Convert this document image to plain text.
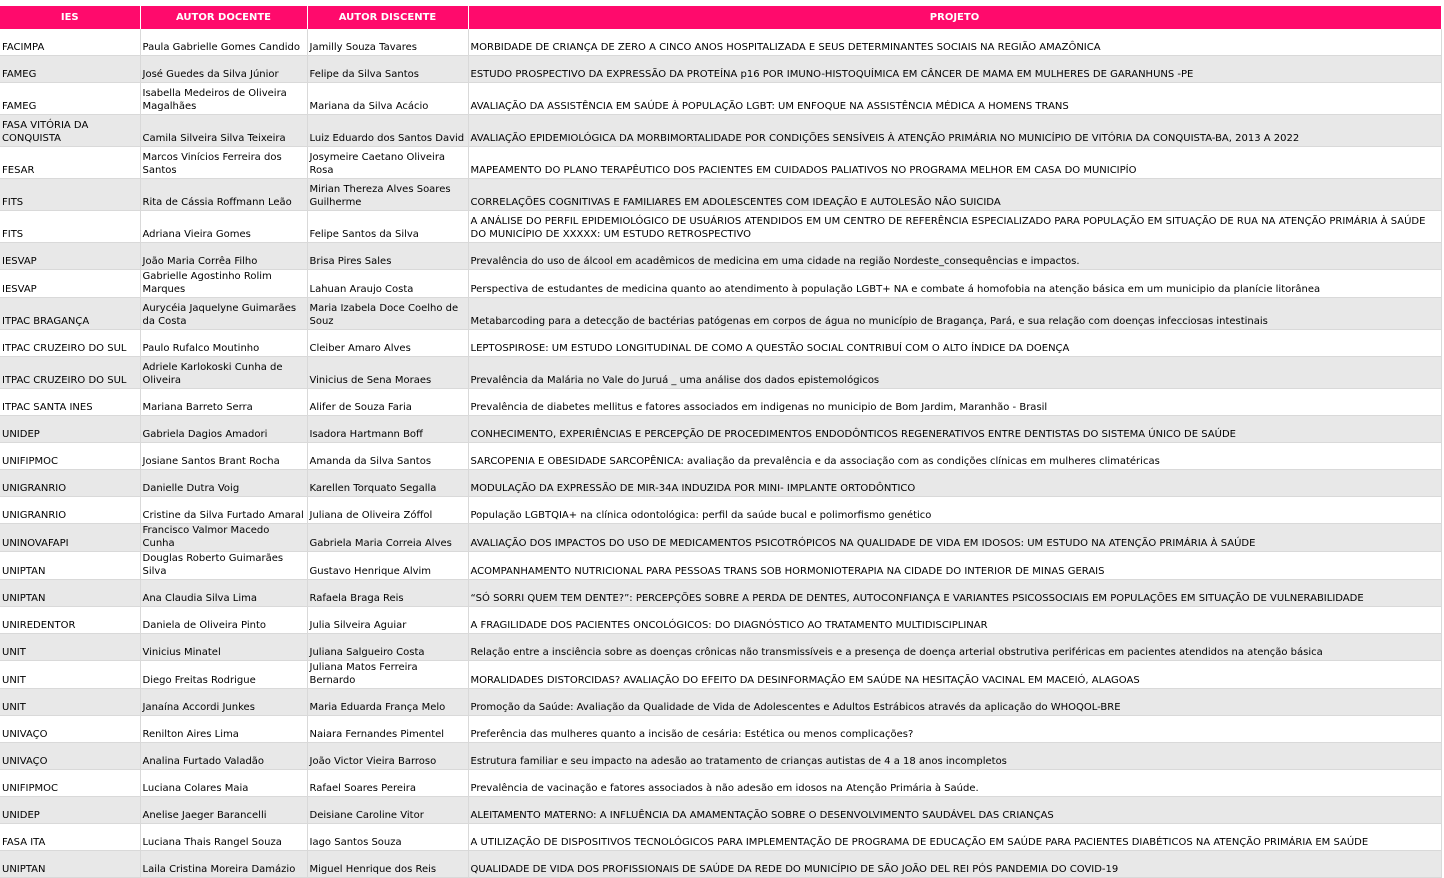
IES	AUTOR DOCENTE	AUTOR DISCENTE	PROJETO
FACIMPA	Paula Gabrielle Gomes Candido	Jamilly Souza Tavares	MORBIDADE DE CRIANÇA DE ZERO A CINCO ANOS HOSPITALIZADA E SEUS DETERMINANTES SOCIAIS NA REGIÃO AMAZÔNICA
FAMEG	José Guedes da Silva Júnior	Felipe da Silva Santos	ESTUDO PROSPECTIVO DA EXPRESSÃO DA PROTEÍNA p16 POR IMUNO-HISTOQUÍMICA EM CÂNCER DE MAMA EM MULHERES DE GARANHUNS -PE
FAMEG	Isabella Medeiros de Oliveira Magalhães	Mariana da Silva Acácio	AVALIAÇÃO DA ASSISTÊNCIA EM SAÚDE À POPULAÇÃO LGBT: UM ENFOQUE NA ASSISTÊNCIA MÉDICA A HOMENS TRANS
FASA VITÓRIA DA CONQUISTA	Camila Silveira Silva Teixeira	Luiz Eduardo dos Santos David	AVALIAÇÃO EPIDEMIOLÓGICA DA MORBIMORTALIDADE POR CONDIÇÕES SENSÍVEIS À ATENÇÃO PRIMÁRIA NO MUNICÍPIO DE VITÓRIA DA CONQUISTA-BA, 2013 A 2022
FESAR	Marcos Vinícios Ferreira dos Santos	Josymeire Caetano Oliveira Rosa	MAPEAMENTO DO PLANO TERAPÊUTICO DOS PACIENTES EM CUIDADOS PALIATIVOS NO PROGRAMA MELHOR EM CASA DO MUNICIPÍO
FITS	Rita de Cássia Roffmann Leão	Mirian Thereza Alves Soares Guilherme	CORRELAÇÕES COGNITIVAS E FAMILIARES EM ADOLESCENTES COM IDEAÇÃO E AUTOLESÃO NÃO SUICIDA
FITS	Adriana Vieira Gomes	Felipe Santos da Silva	A ANÁLISE DO PERFIL EPIDEMIOLÓGICO DE USUÁRIOS ATENDIDOS EM UM CENTRO DE REFERÊNCIA ESPECIALIZADO PARA POPULAÇÃO EM SITUAÇÃO DE RUA NA ATENÇÃO PRIMÁRIA À SAÚDE DO MUNICÍPIO DE XXXXX: UM ESTUDO RETROSPECTIVO
IESVAP	João Maria Corrêa Filho	Brisa Pires Sales	Prevalência do uso de álcool em acadêmicos de medicina em uma cidade na região Nordeste_consequências e impactos.
IESVAP	Gabrielle Agostinho Rolim Marques	Lahuan Araujo Costa	Perspectiva de estudantes de medicina quanto ao atendimento à população LGBT+ NA e combate á homofobia na atenção básica em um municipio da planície litorânea
ITPAC BRAGANÇA	Aurycéia Jaquelyne Guimarães da Costa	Maria Izabela Doce Coelho de Souz	Metabarcoding para a detecção de bactérias patógenas em corpos de água no município de Bragança, Pará, e sua relação com doenças infecciosas intestinais
ITPAC CRUZEIRO DO SUL	Paulo Rufalco Moutinho	Cleiber Amaro Alves	LEPTOSPIROSE: UM ESTUDO LONGITUDINAL DE COMO A QUESTÃO SOCIAL CONTRIBUÍ COM O ALTO ÍNDICE DA DOENÇA
ITPAC CRUZEIRO DO SUL	Adriele Karlokoski Cunha de Oliveira	Vinicius de Sena Moraes	Prevalência da Malária no Vale do Juruá _ uma análise dos dados epistemológicos
ITPAC SANTA INES	Mariana Barreto Serra	Alifer de Souza Faria	Prevalência de diabetes mellitus e fatores associados em indigenas no municipio de Bom Jardim, Maranhão - Brasil
UNIDEP	Gabriela Dagios Amadori	Isadora Hartmann Boff	CONHECIMENTO, EXPERIÊNCIAS E PERCEPÇÃO DE PROCEDIMENTOS ENDODÔNTICOS REGENERATIVOS ENTRE DENTISTAS DO SISTEMA ÚNICO DE SAÚDE
UNIFIPMOC	Josiane Santos Brant Rocha	Amanda da Silva Santos	SARCOPENIA E OBESIDADE SARCOPÊNICA: avaliação da prevalência e da associação com as condições clínicas em mulheres climatéricas
UNIGRANRIO	Danielle Dutra Voig	Karellen Torquato Segalla	MODULAÇÃO DA EXPRESSÃO DE MIR-34A INDUZIDA POR MINI- IMPLANTE ORTODÔNTICO
UNIGRANRIO	Cristine da Silva Furtado Amaral	Juliana de Oliveira Zóffol	População LGBTQIA+ na clínica odontológica: perfil da saúde bucal e polimorfismo genético
UNINOVAFAPI	Francisco Valmor Macedo Cunha	Gabriela Maria Correia Alves	AVALIAÇÃO DOS IMPACTOS DO USO DE MEDICAMENTOS PSICOTRÓPICOS NA QUALIDADE DE VIDA EM IDOSOS: UM ESTUDO NA ATENÇÃO PRIMÁRIA À SAÚDE
UNIPTAN	Douglas Roberto Guimarães Silva	Gustavo Henrique Alvim	ACOMPANHAMENTO NUTRICIONAL PARA PESSOAS TRANS SOB HORMONIOTERAPIA NA CIDADE DO INTERIOR DE MINAS GERAIS
UNIPTAN	Ana Claudia Silva Lima	Rafaela Braga Reis	“SÓ SORRI QUEM TEM DENTE?”: PERCEPÇÕES SOBRE A PERDA DE DENTES, AUTOCONFIANÇA E VARIANTES PSICOSSOCIAIS EM POPULAÇÕES EM SITUAÇÃO DE VULNERABILIDADE
UNIREDENTOR	Daniela de Oliveira Pinto	Julia Silveira Aguiar	A FRAGILIDADE DOS PACIENTES ONCOLÓGICOS: DO DIAGNÓSTICO AO TRATAMENTO MULTIDISCIPLINAR
UNIT	Vinicius Minatel	Juliana Salgueiro Costa	Relação entre a insciência sobre as doenças crônicas não transmissíveis e a presença de doença arterial obstrutiva periféricas em pacientes atendidos na atenção básica
UNIT	Diego Freitas Rodrigue	Juliana Matos Ferreira Bernardo	MORALIDADES DISTORCIDAS? AVALIAÇÃO DO EFEITO DA DESINFORMAÇÃO EM SAÚDE NA HESITAÇÃO VACINAL EM MACEIÓ, ALAGOAS
UNIT	Janaína Accordi Junkes	Maria Eduarda França Melo	Promoção da Saúde: Avaliação da Qualidade de Vida de Adolescentes e Adultos Estrábicos através da aplicação do WHOQOL-BRE
UNIVAÇO	Renilton Aires Lima	Naiara Fernandes Pimentel	Preferência das mulheres quanto a incisão de cesária: Estética ou menos complicações?
UNIVAÇO	Analina Furtado Valadão	João Victor Vieira Barroso	Estrutura familiar e seu impacto na adesão ao tratamento de crianças autistas de 4 a 18 anos incompletos
UNIFIPMOC	Luciana Colares Maia	Rafael Soares Pereira	Prevalência de vacinação e fatores associados à não adesão em idosos na Atenção Primária à Saúde.
UNIDEP	Anelise Jaeger Barancelli	Deisiane Caroline Vitor	ALEITAMENTO MATERNO: A INFLUÊNCIA DA AMAMENTAÇÃO SOBRE O DESENVOLVIMENTO SAUDÁVEL DAS CRIANÇAS
FASA ITA	Luciana Thais Rangel Souza	Iago Santos Souza	A UTILIZAÇÃO DE DISPOSITIVOS TECNOLÓGICOS PARA IMPLEMENTAÇÃO DE PROGRAMA DE EDUCAÇÃO EM SAÚDE PARA PACIENTES DIABÉTICOS NA ATENÇÃO PRIMÁRIA EM SAÚDE
UNIPTAN	Laila Cristina Moreira Damázio	Miguel Henrique dos Reis	QUALIDADE DE VIDA DOS PROFISSIONAIS DE SAÚDE DA REDE DO MUNICÍPIO DE SÃO JOÃO DEL REI PÓS PANDEMIA DO COVID-19
